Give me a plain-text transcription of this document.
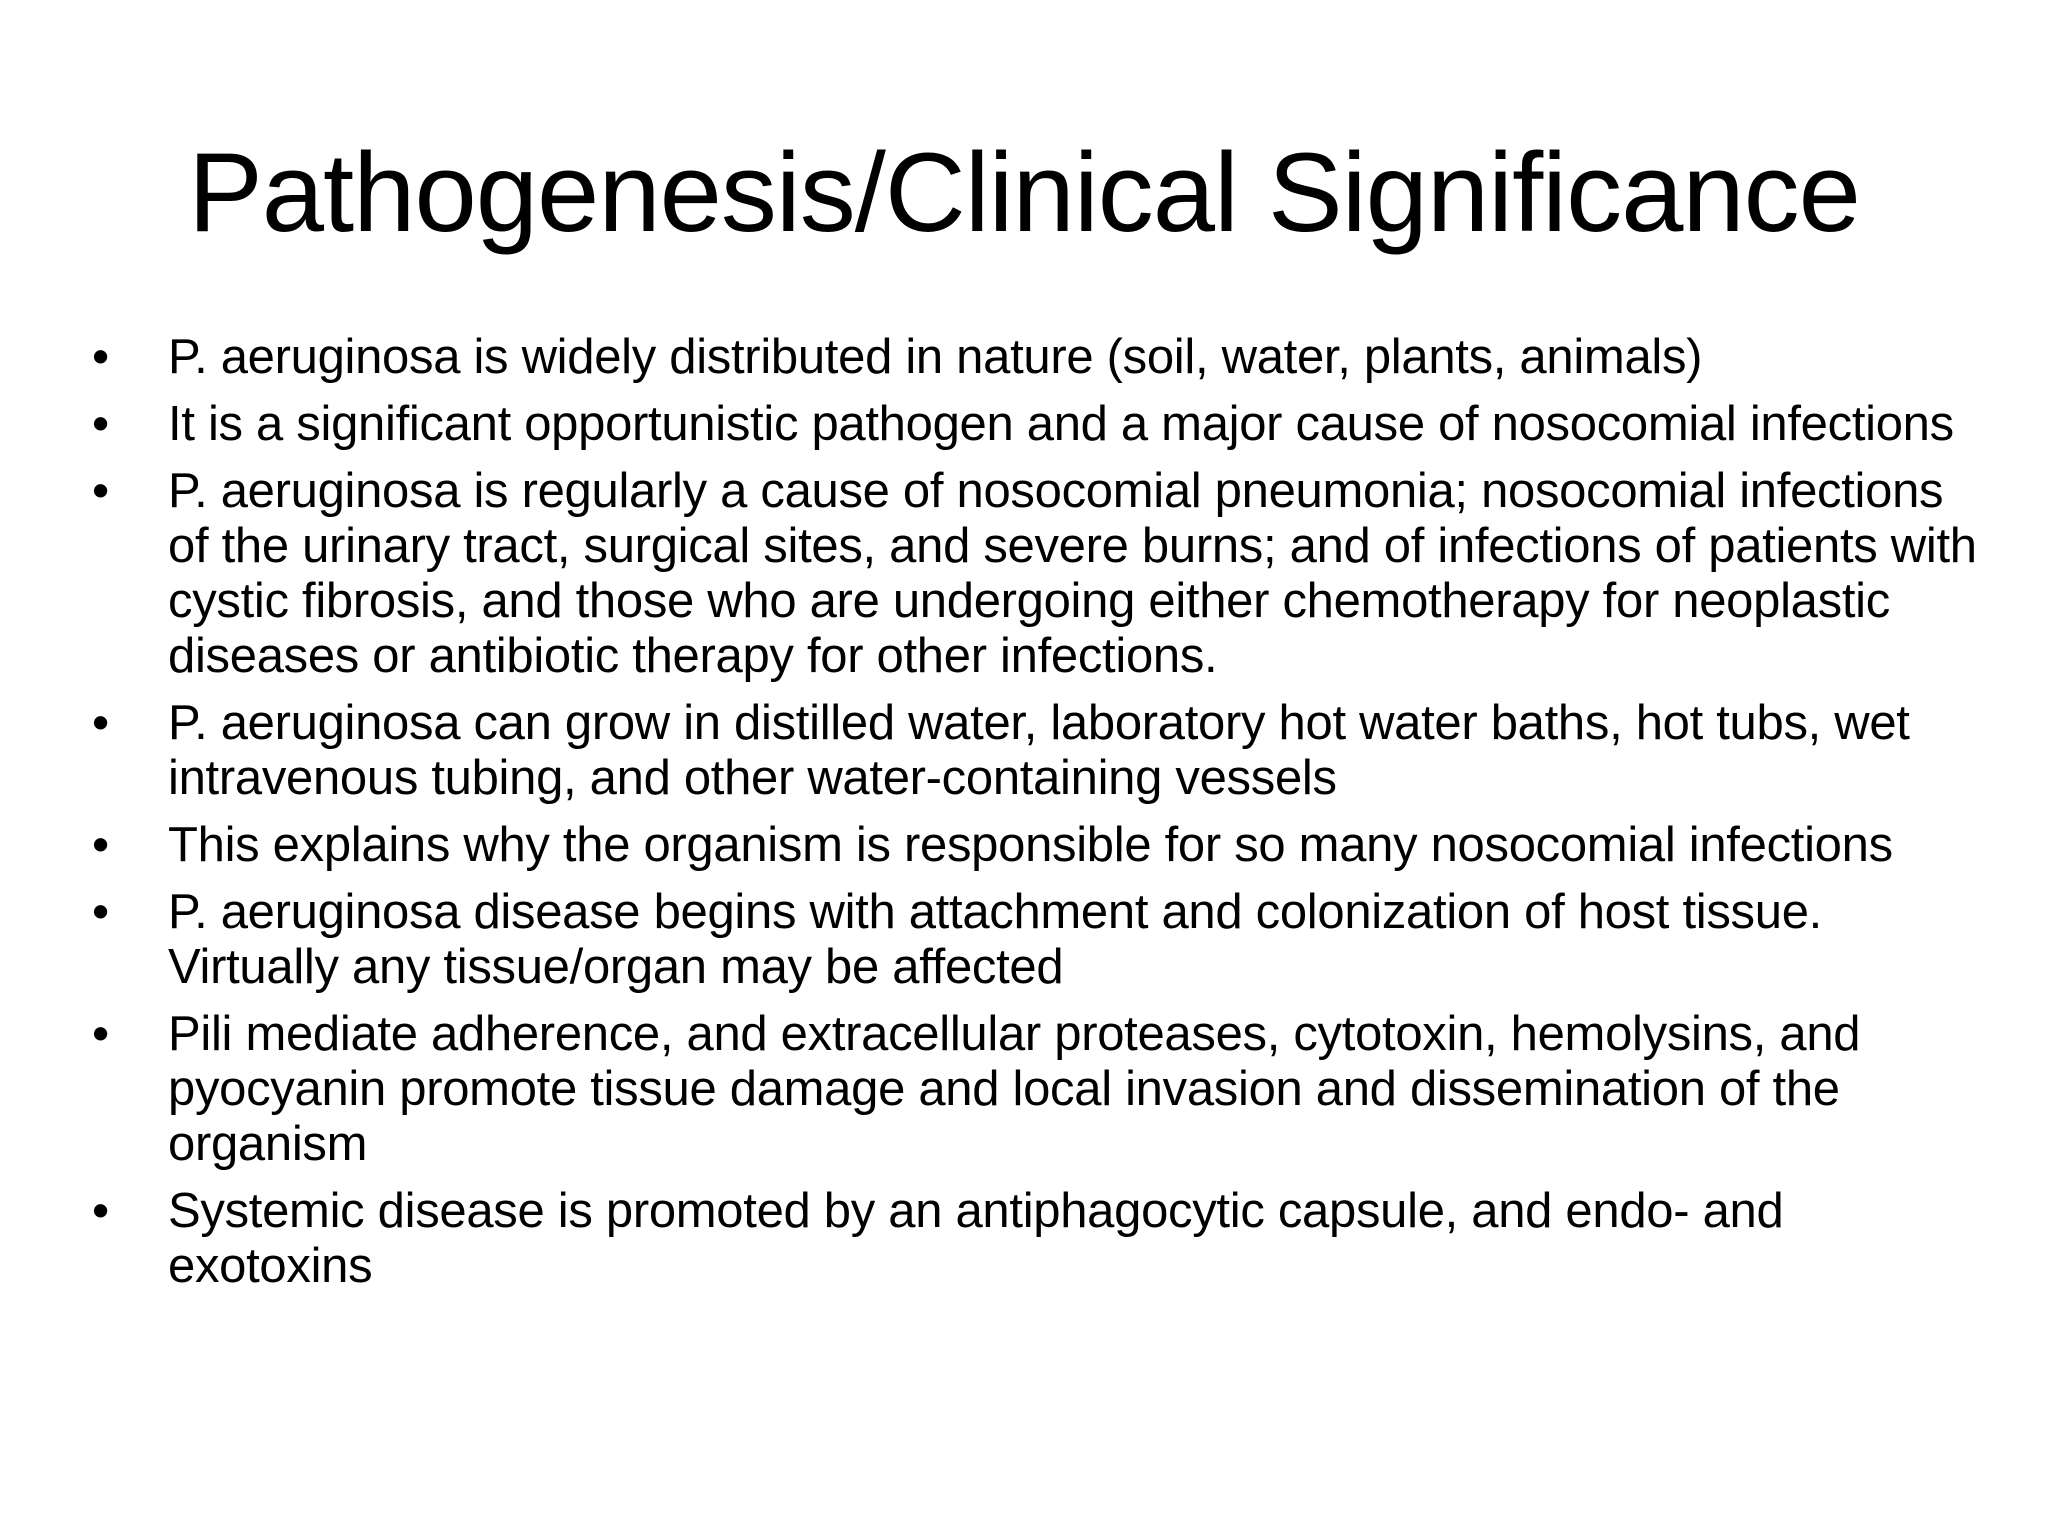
Pathogenesis/Clinical Significance
•	P. aeruginosa is widely distributed in nature (soil, water, plants, animals)
•	It is a significant opportunistic pathogen and a major cause of nosocomial infections
•	P. aeruginosa is regularly a cause of nosocomial pneumonia; nosocomial infections of the urinary tract, surgical sites, and severe burns; and of infections of patients with cystic fibrosis, and those who are undergoing either chemotherapy for neoplastic diseases or antibiotic therapy for other infections.
•	P. aeruginosa can grow in distilled water, laboratory hot water baths, hot tubs, wet intravenous tubing, and other water-containing vessels
•	This explains why the organism is responsible for so many nosocomial infections
•	P. aeruginosa disease begins with attachment and colonization of host tissue. Virtually any tissue/organ may be affected
•	Pili mediate adherence, and extracellular proteases, cytotoxin, hemolysins, and pyocyanin promote tissue damage and local invasion and dissemination of the organism
•	Systemic disease is promoted by an antiphagocytic capsule, and endo- and exotoxins
